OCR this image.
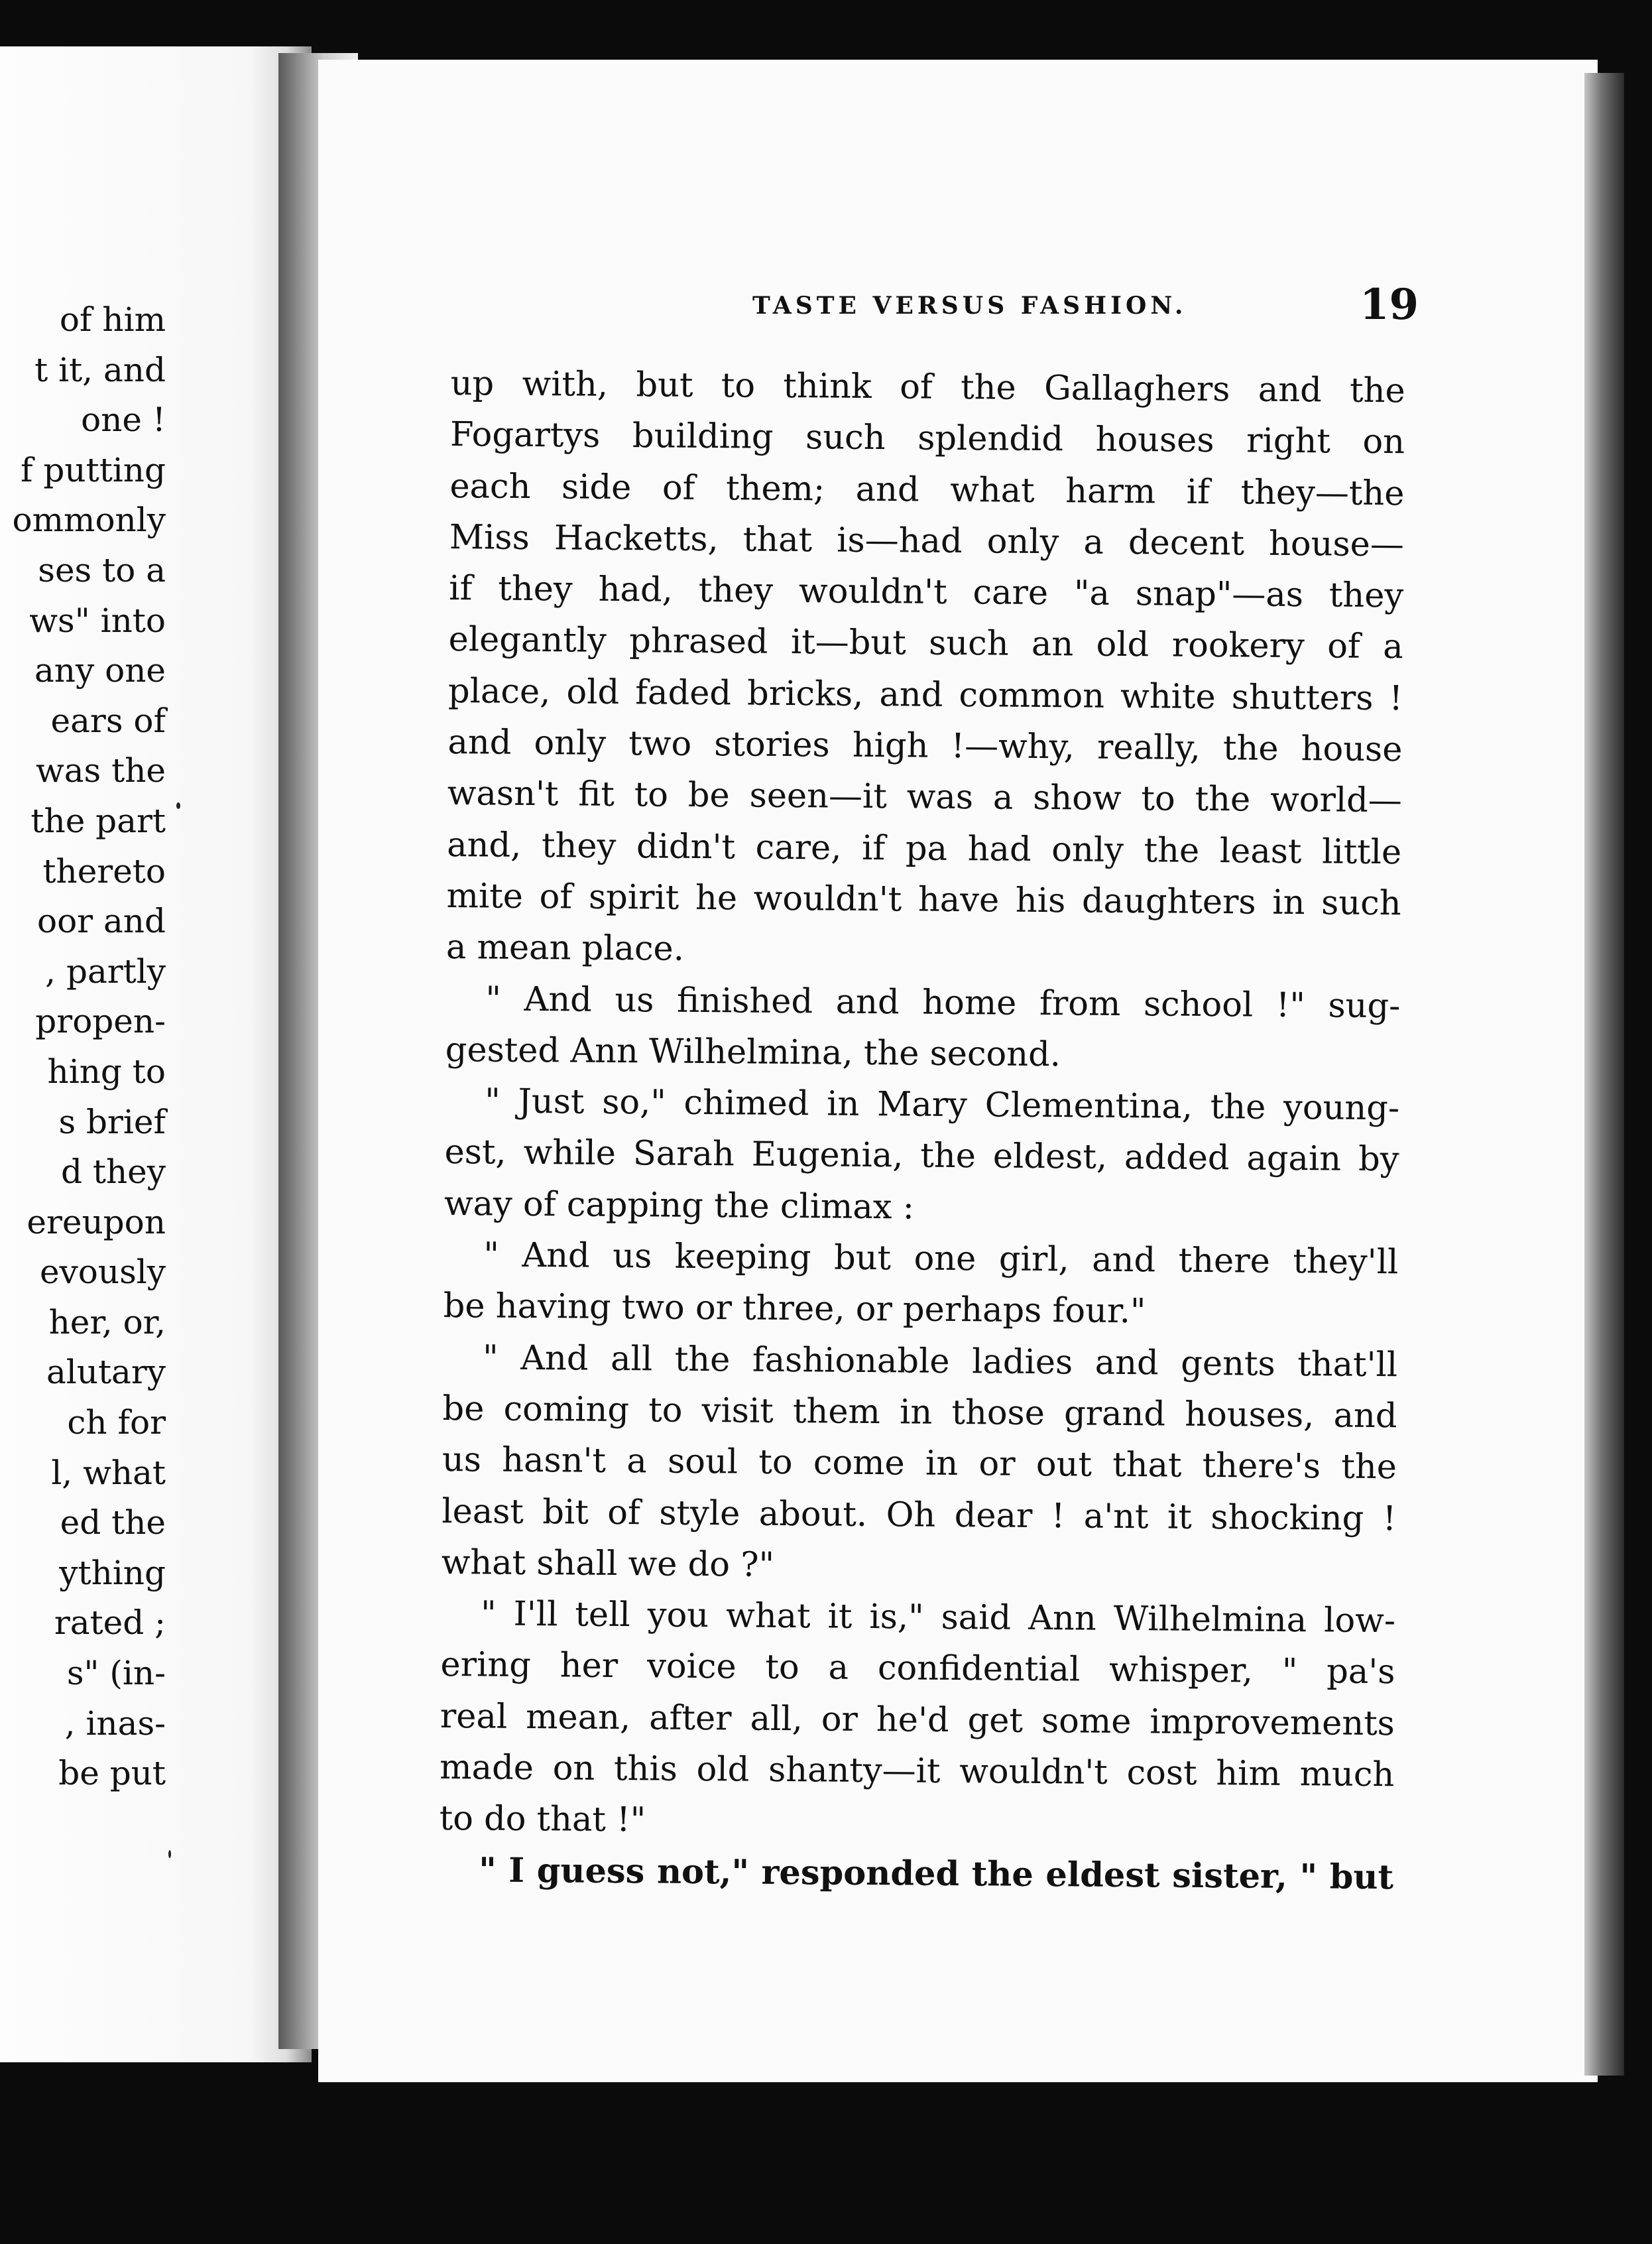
of him
t it, and
one !
f putting
ommonly
ses to a
ws" into
any one
ears of
was the
the part
thereto
oor and
, partly
propen-
hing to
s brief
d they
ereupon
evously
her, or,
alutary
ch for
l, what
ed the
ything
rated ;
s" (in-
, inas-
be put
TASTE VERSUS FASHION.	19
up with, but to think of the Gallaghers and the
Fogartys building such splendid houses right on
each side of them; and what harm if they—the
Miss Hacketts, that is—had only a decent house—
if they had, they wouldn't care "a snap"—as they
elegantly phrased it—but such an old rookery of a
place, old faded bricks, and common white shutters !
and only two stories high !—why, really, the house
wasn't fit to be seen—it was a show to the world—
and, they didn't care, if pa had only the least little
mite of spirit he wouldn't have his daughters in such
a mean place.
" And us finished and home from school !" sug-
gested Ann Wilhelmina, the second.
" Just so," chimed in Mary Clementina, the young-
est, while Sarah Eugenia, the eldest, added again by
way of capping the climax :
" And us keeping but one girl, and there they'll
be having two or three, or perhaps four."
" And all the fashionable ladies and gents that'll
be coming to visit them in those grand houses, and
us hasn't a soul to come in or out that there's the
least bit of style about. Oh dear ! a'nt it shocking !
what shall we do ?"
" I'll tell you what it is," said Ann Wilhelmina low-
ering her voice to a confidential whisper, " pa's
real mean, after all, or he'd get some improvements
made on this old shanty—it wouldn't cost him much
to do that !"
" I guess not," responded the eldest sister, " but
